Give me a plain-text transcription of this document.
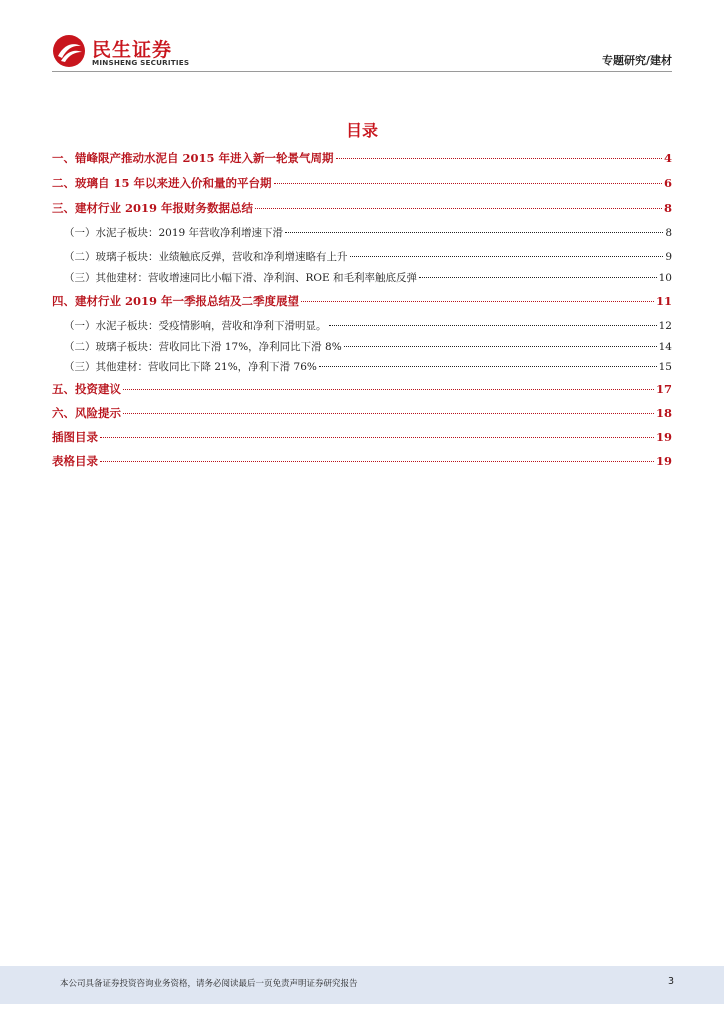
民生证券
MINSHENG SECURITIES	专题研究/建材
目录
一、错峰限产推动水泥自 2015 年进入新一轮景气周期	4
二、玻璃自 15 年以来进入价和量的平台期	6
三、建材行业 2019 年报财务数据总结	8
（一）水泥子板块：2019 年营收净利增速下滑	8
（二）玻璃子板块：业绩触底反弹，营收和净利增速略有上升	9
（三）其他建材：营收增速同比小幅下滑、净利润、ROE 和毛利率触底反弹	10
四、建材行业 2019 年一季报总结及二季度展望	11
（一）水泥子板块：受疫情影响，营收和净利下滑明显。	12
（二）玻璃子板块：营收同比下滑 17%，净利同比下滑 8%	14
（三）其他建材：营收同比下降 21%，净利下滑 76%	15
五、投资建议	17
六、风险提示	18
插图目录	19
表格目录	19
本公司具备证券投资咨询业务资格，请务必阅读最后一页免责声明证券研究报告	3
